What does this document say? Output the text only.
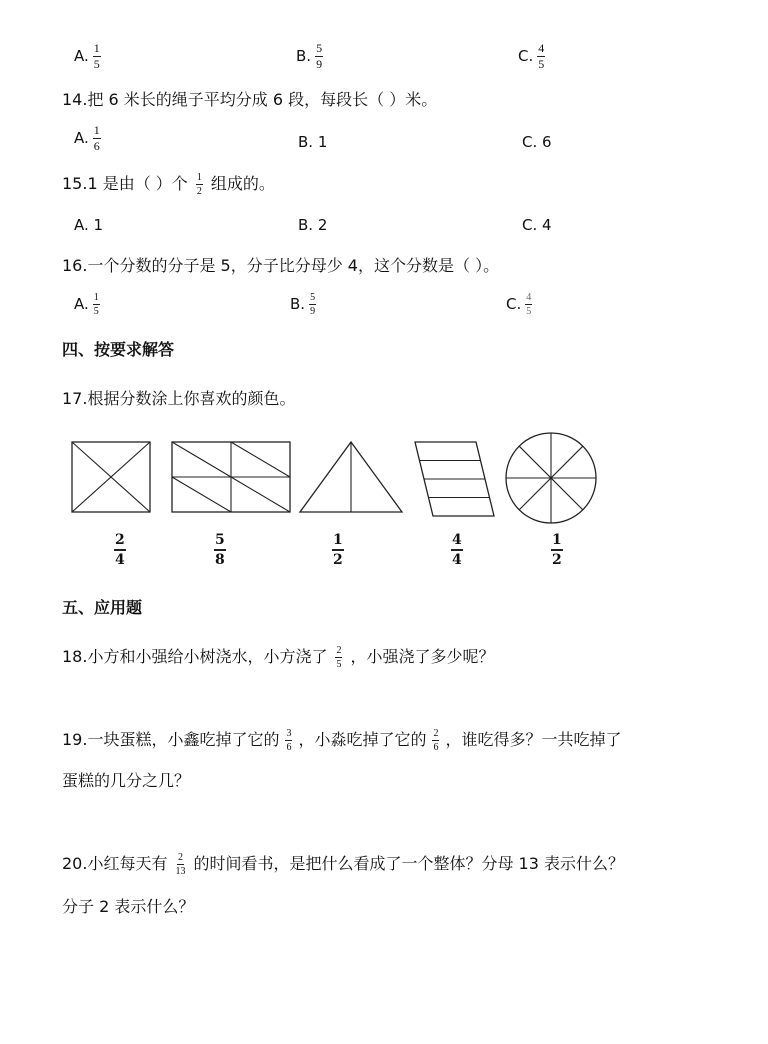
A. $\frac{1}{5}$	B. $\frac{5}{9}$	C. $\frac{4}{5}$
14.把 6 米长的绳子平均分成 6 段，每段长（ ）米。
A. $\frac{1}{6}$	B. 1	C. 6
15.1 是由（ ）个 $\frac{1}{2}$ 组成的。
A. 1	B. 2	C. 4
16.一个分数的分子是 5，分子比分母少 4，这个分数是（ ）。
A. $\frac{1}{5}$	B. $\frac{5}{9}$	C. $\frac{4}{5}$
四、按要求解答
17.根据分数涂上你喜欢的颜色。
$\frac{2}{4}$	$\frac{5}{8}$	$\frac{1}{2}$	$\frac{4}{4}$	$\frac{1}{2}$
五、应用题
18.小方和小强给小树浇水，小方浇了 $\frac{2}{5}$ ，小强浇了多少呢？
19.一块蛋糕，小鑫吃掉了它的 $\frac{3}{6}$ ，小淼吃掉了它的 $\frac{2}{6}$ ，谁吃得多？一共吃掉了
蛋糕的几分之几？
20.小红每天有 $\frac{2}{13}$ 的时间看书，是把什么看成了一个整体？分母 13 表示什么？
分子 2 表示什么？
